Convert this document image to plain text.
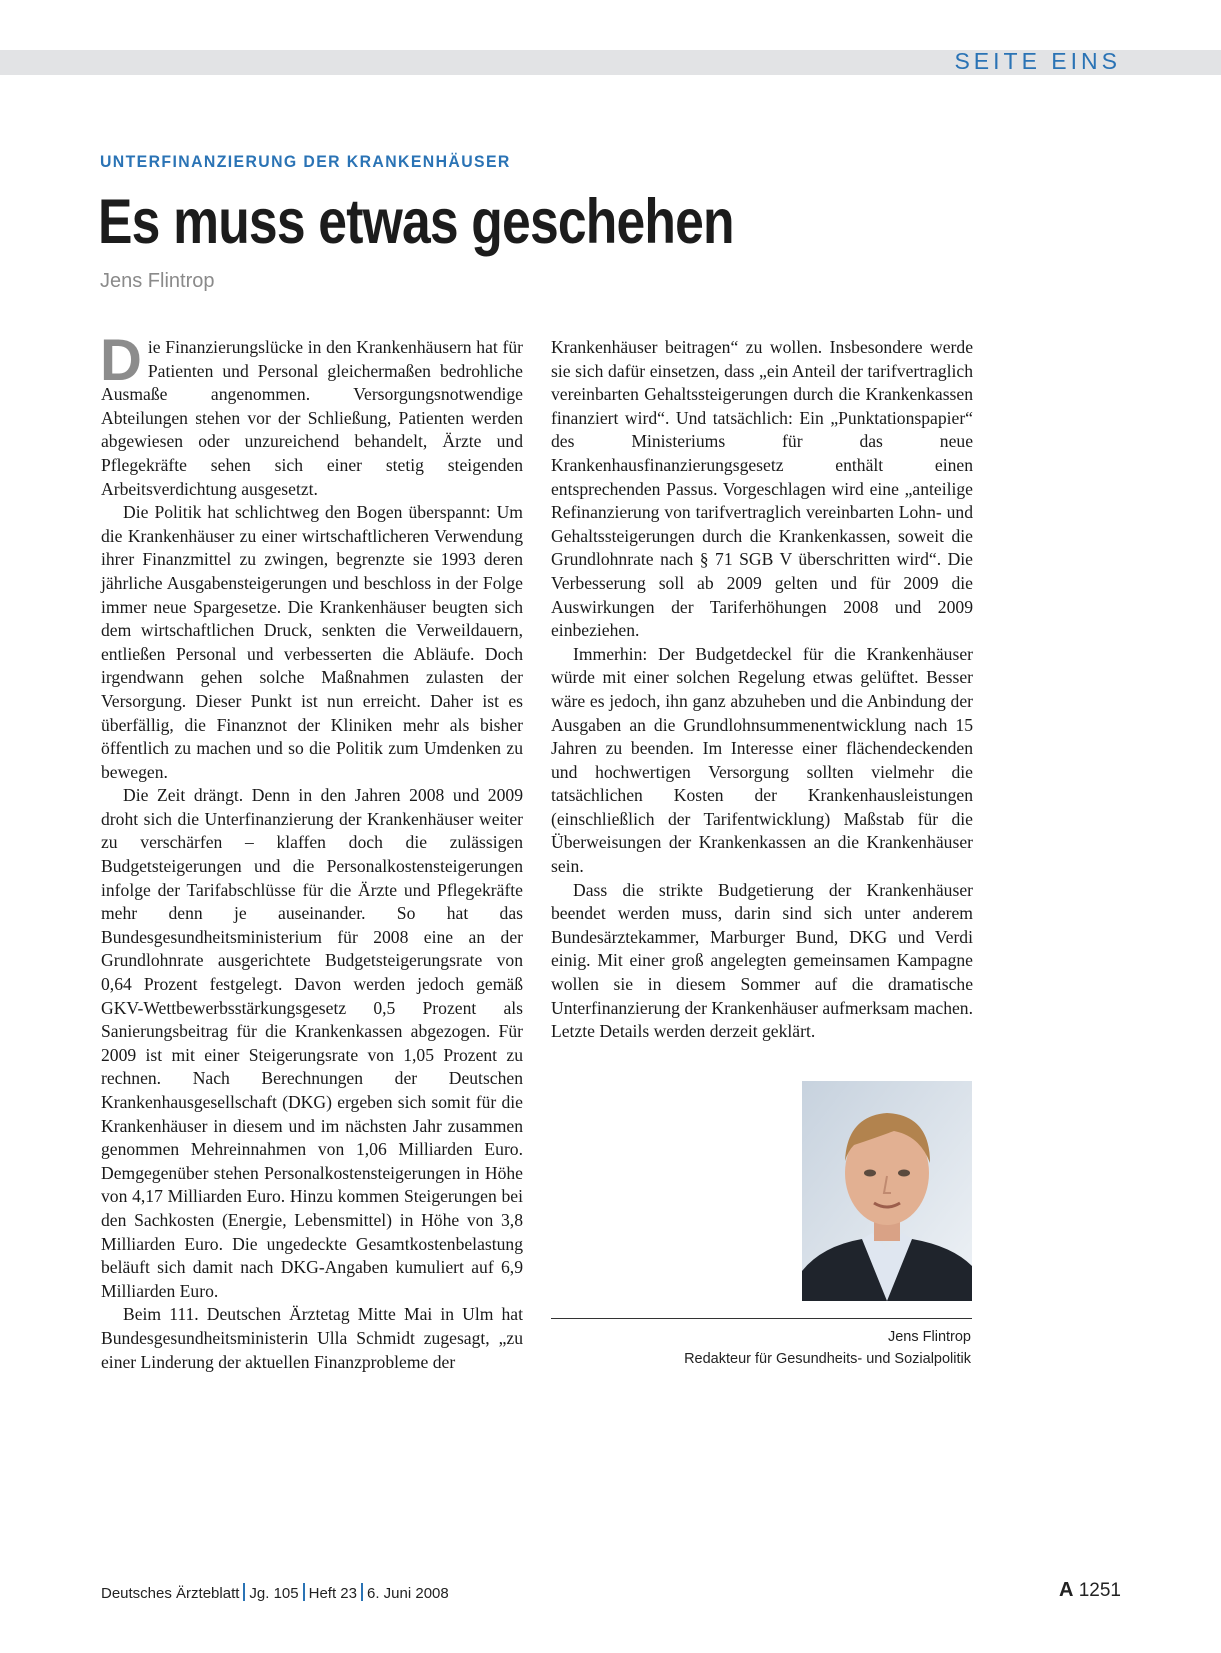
SEITE EINS
UNTERFINANZIERUNG DER KRANKENHÄUSER
Es muss etwas geschehen
Jens Flintrop

Die Finanzierungslücke in den Krankenhäusern hat für Patienten und Personal gleichermaßen bedrohliche Ausmaße angenommen. Versorgungsnotwendige Abteilungen stehen vor der Schließung, Patienten werden abgewiesen oder unzureichend behandelt, Ärzte und Pflegekräfte sehen sich einer stetig steigenden Arbeitsverdichtung ausgesetzt.

Die Politik hat schlichtweg den Bogen überspannt: Um die Krankenhäuser zu einer wirtschaftlicheren Verwendung ihrer Finanzmittel zu zwingen, begrenzte sie 1993 deren jährliche Ausgabensteigerungen und beschloss in der Folge immer neue Spargesetze. Die Krankenhäuser beugten sich dem wirtschaftlichen Druck, senkten die Verweildauern, entließen Personal und verbesserten die Abläufe. Doch irgendwann gehen solche Maßnahmen zulasten der Versorgung. Dieser Punkt ist nun erreicht. Daher ist es überfällig, die Finanznot der Kliniken mehr als bisher öffentlich zu machen und so die Politik zum Umdenken zu bewegen.

Die Zeit drängt. Denn in den Jahren 2008 und 2009 droht sich die Unterfinanzierung der Krankenhäuser weiter zu verschärfen – klaffen doch die zulässigen Budgetsteigerungen und die Personalkostensteigerungen infolge der Tarifabschlüsse für die Ärzte und Pflegekräfte mehr denn je auseinander. So hat das Bundesgesundheitsministerium für 2008 eine an der Grundlohnrate ausgerichtete Budgetsteigerungsrate von 0,64 Prozent festgelegt. Davon werden jedoch gemäß GKV-Wettbewerbsstärkungsgesetz 0,5 Prozent als Sanierungsbeitrag für die Krankenkassen abgezogen. Für 2009 ist mit einer Steigerungsrate von 1,05 Prozent zu rechnen. Nach Berechnungen der Deutschen Krankenhausgesellschaft (DKG) ergeben sich somit für die Krankenhäuser in diesem und im nächsten Jahr zusammen genommen Mehreinnahmen von 1,06 Milliarden Euro. Demgegenüber stehen Personalkostensteigerungen in Höhe von 4,17 Milliarden Euro. Hinzu kommen Steigerungen bei den Sachkosten (Energie, Lebensmittel) in Höhe von 3,8 Milliarden Euro. Die ungedeckte Gesamtkostenbelastung beläuft sich damit nach DKG-Angaben kumuliert auf 6,9 Milliarden Euro.

Beim 111. Deutschen Ärztetag Mitte Mai in Ulm hat Bundesgesundheitsministerin Ulla Schmidt zugesagt, „zu einer Linderung der aktuellen Finanzprobleme der

Krankenhäuser beitragen“ zu wollen. Insbesondere werde sie sich dafür einsetzen, dass „ein Anteil der tarifvertraglich vereinbarten Gehaltssteigerungen durch die Krankenkassen finanziert wird“. Und tatsächlich: Ein „Punktationspapier“ des Ministeriums für das neue Krankenhausfinanzierungsgesetz enthält einen entsprechenden Passus. Vorgeschlagen wird eine „anteilige Refinanzierung von tarifvertraglich vereinbarten Lohn- und Gehaltssteigerungen durch die Krankenkassen, soweit die Grundlohnrate nach § 71 SGB V überschritten wird“. Die Verbesserung soll ab 2009 gelten und für 2009 die Auswirkungen der Tariferhöhungen 2008 und 2009 einbeziehen.

Immerhin: Der Budgetdeckel für die Krankenhäuser würde mit einer solchen Regelung etwas gelüftet. Besser wäre es jedoch, ihn ganz abzuheben und die Anbindung der Ausgaben an die Grundlohnsummenentwicklung nach 15 Jahren zu beenden. Im Interesse einer flächendeckenden und hochwertigen Versorgung sollten vielmehr die tatsächlichen Kosten der Krankenhausleistungen (einschließlich der Tarifentwicklung) Maßstab für die Überweisungen der Krankenkassen an die Krankenhäuser sein.

Dass die strikte Budgetierung der Krankenhäuser beendet werden muss, darin sind sich unter anderem Bundesärztekammer, Marburger Bund, DKG und Verdi einig. Mit einer groß angelegten gemeinsamen Kampagne wollen sie in diesem Sommer auf die dramatische Unterfinanzierung der Krankenhäuser aufmerksam machen. Letzte Details werden derzeit geklärt.

Jens Flintrop
Redakteur für Gesundheits- und Sozialpolitik
Deutsches Ärzteblatt Jg. 105 Heft 23 6. Juni 2008	A 1251
